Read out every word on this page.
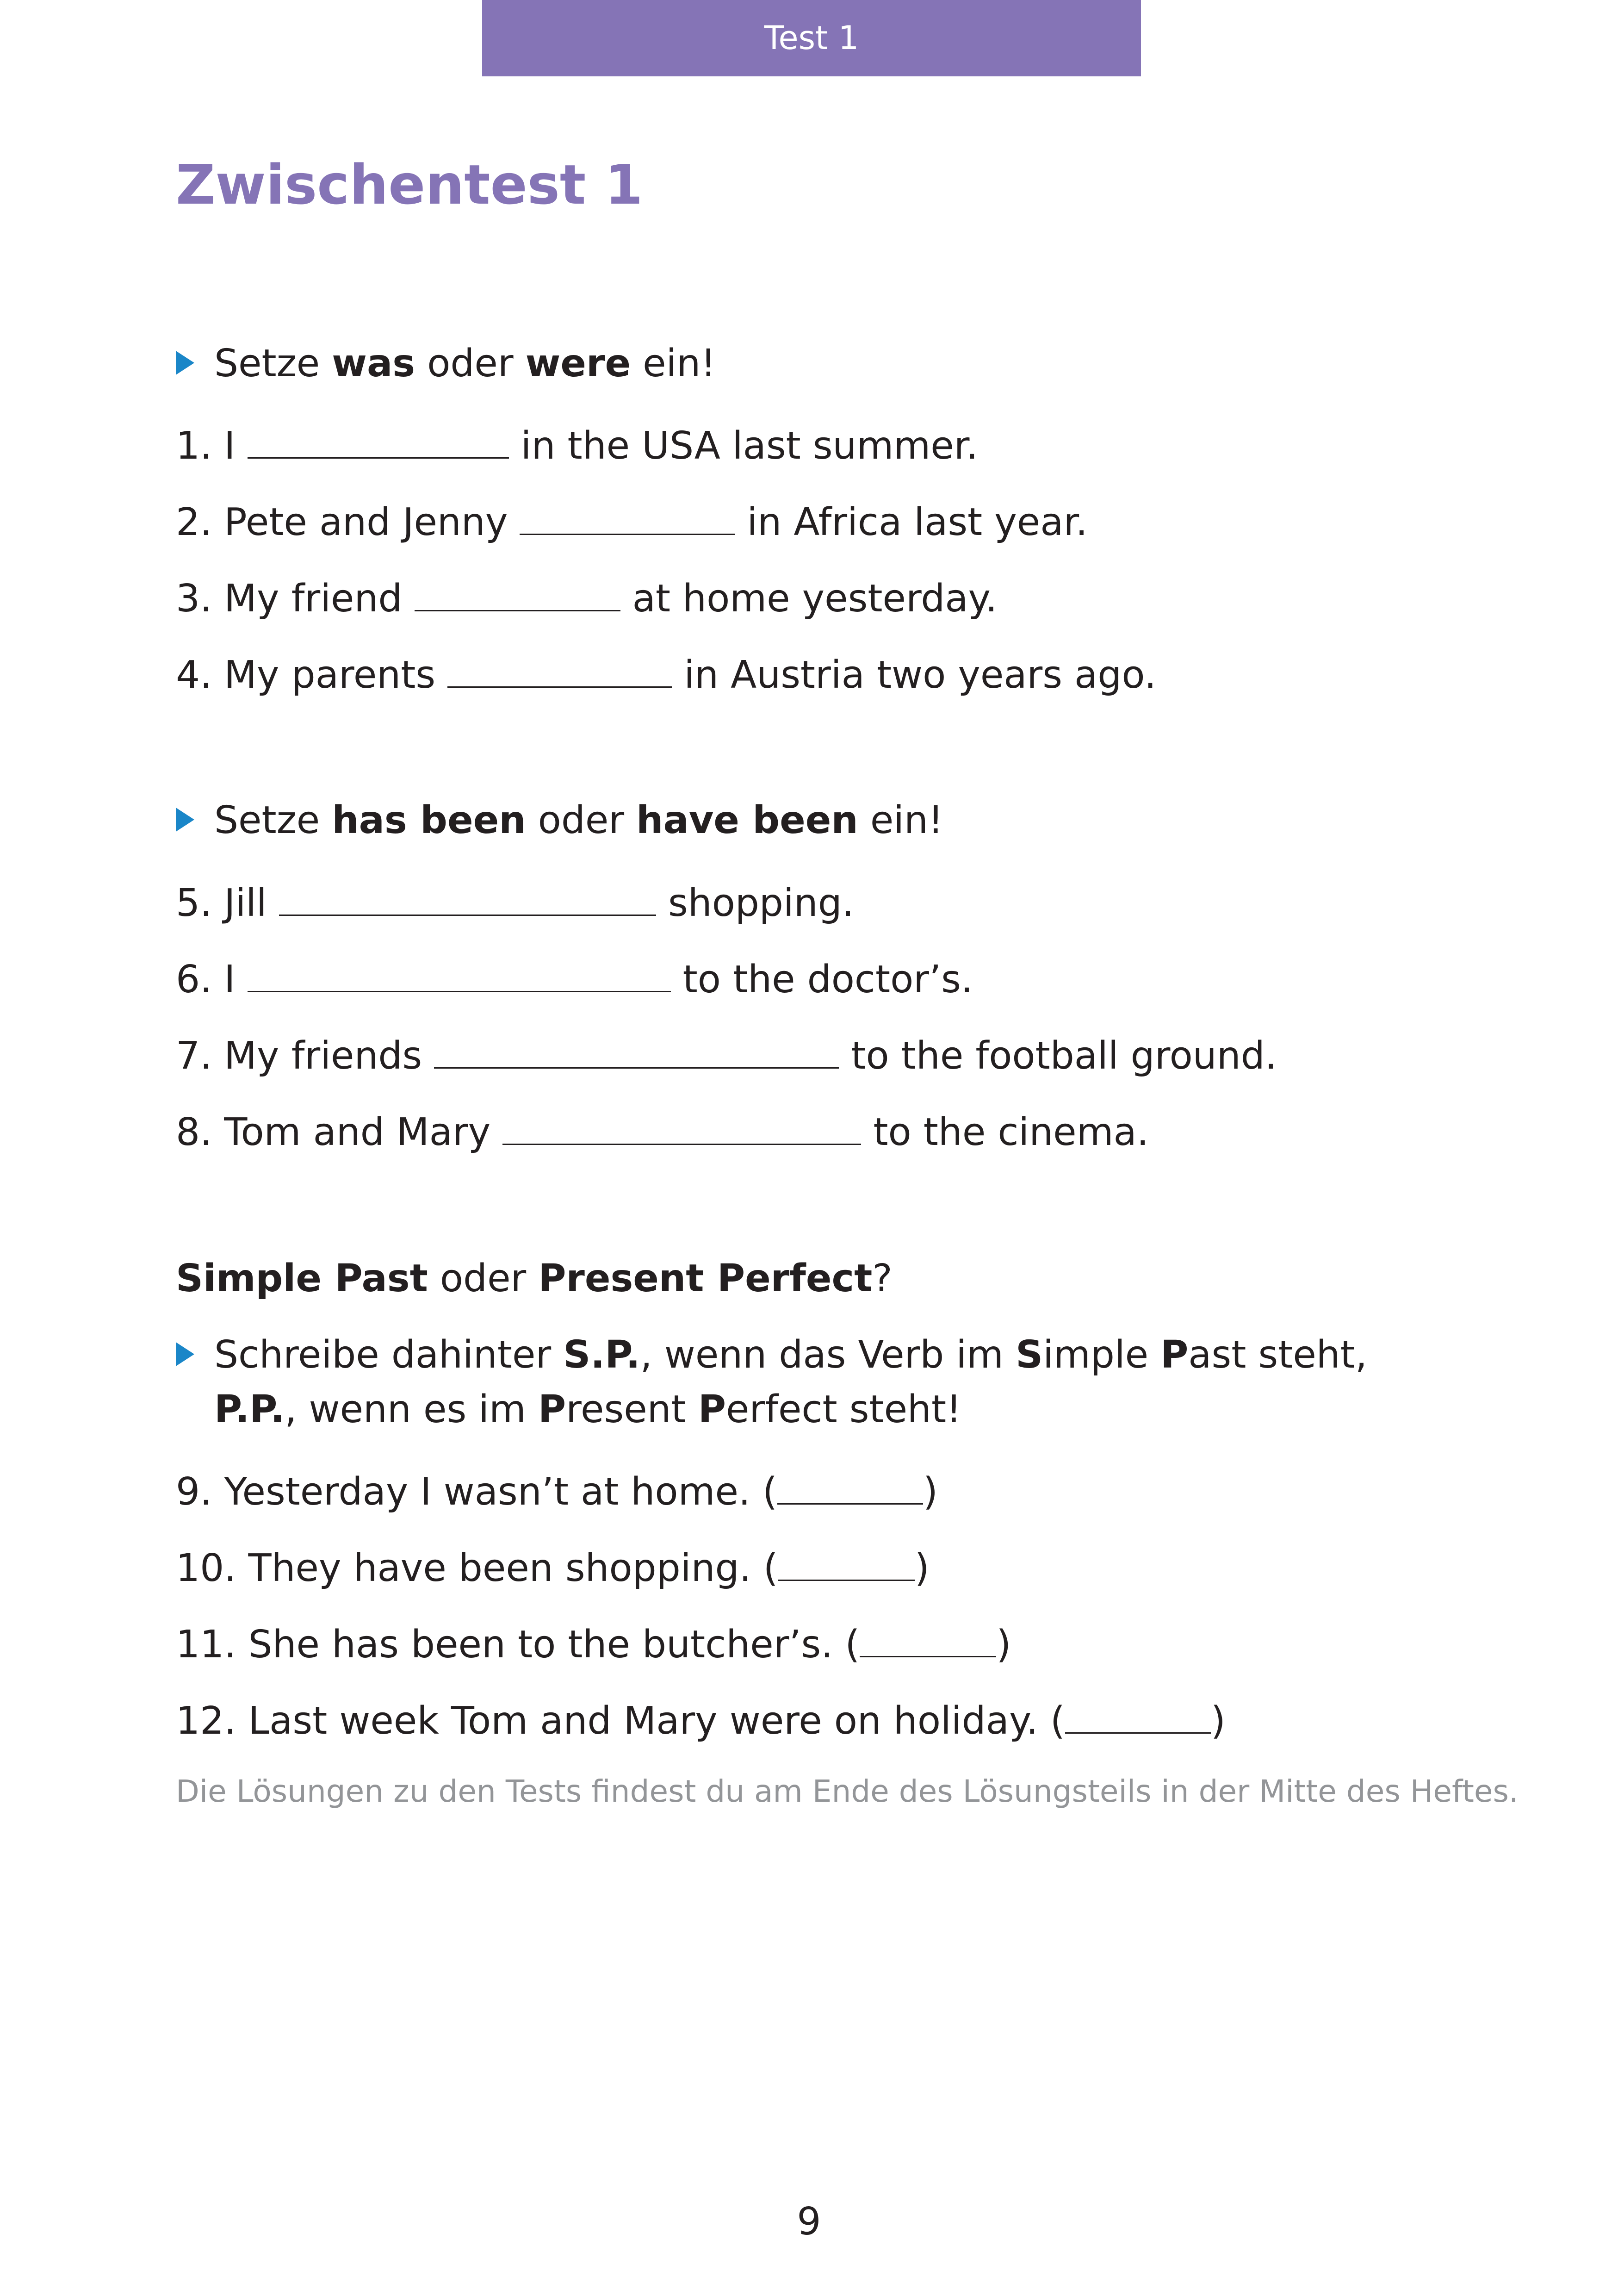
Test 1
Zwischentest 1
Setze was oder were ein!
1. I	in the USA last summer.
2. Pete and Jenny	in Africa last year.
3. My friend	at home yesterday.
4. My parents	in Austria two years ago.
Setze has been oder have been ein!
5. Jill	shopping.
6. I	to the doctor’s.
7. My friends	to the football ground.
8. Tom and Mary	to the cinema.
Simple Past oder Present Perfect?
Schreibe dahinter S.P., wenn das Verb im Simple Past steht,
P.P., wenn es im Present Perfect steht!
9. Yesterday I wasn’t at home. (	)
10. They have been shopping. (	)
11. She has been to the butcher’s. (	)
12. Last week Tom and Mary were on holiday. (	)
Die Lösungen zu den Tests findest du am Ende des Lösungsteils in der Mitte des Heftes.
9
